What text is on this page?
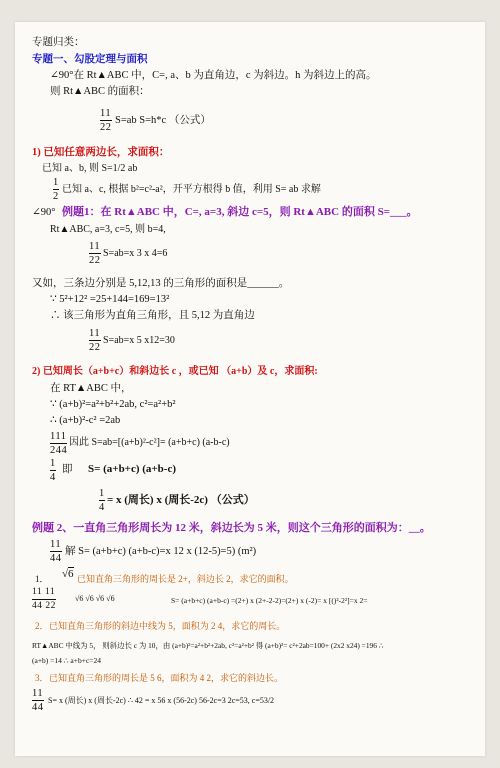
专题归类：
专题一、勾股定理与面积
∠90°在 Rt▲ABC 中，C=, a、b 为直角边，c 为斜边。h 为斜边上的高。
则 Rt▲ABC 的面积：
11
22
S=ab S=h*c （公式）
1) 已知任意两边长，求面积：
已知 a、b, 则 S=1/2 ab
1
2
已知 a、c, 根据 b²=c²-a²，开平方根得 b 值，利用 S= ab 求解
∠90° 例题1：在 Rt▲ABC 中，C=, a=3, 斜边 c=5，则 Rt▲ABC 的面积 S=___。
Rt▲ABC, a=3, c=5, 则 b=4,
11
22
S=ab=x 3 x 4=6
又如，三条边分别是 5,12,13 的三角形的面积是______。
∵ 5²+12² =25+144=169=13²
∴ 该三角形为直角三角形，且 5,12 为直角边
11
22
S=ab=x 5 x12=30
2) 已知周长（a+b+c）和斜边长 c ，或已知 （a+b）及 c，求面积:
在 RT▲ABC 中，
∵ (a+b)²=a²+b²+2ab, c²=a²+b²
∴ (a+b)²-c² =2ab
111
244
因此 S=ab=[(a+b)²-c²]= (a+b+c) (a-b-c)
1
4
即 S= (a+b+c) (a+b-c)
1
4
= x (周长) x (周长-2c) （公式）
例题 2、一直角三角形周长为 12 米，斜边长为 5 米，则这个三角形的面积为：__。
11
44
解 S= (a+b+c) (a+b-c)=x 12 x (12-5)=5) (m²)
1． √6 已知直角三角形的周长是 2+，斜边长 2，求它的面积。
11 11
44 22
√6 √6 √6 √6	S= (a+b+c) (a+b-c) =(2+) x (2+-2-2)=(2+) x (-2)= x [()²-2²]=x 2=
2． 已知直角三角形的斜边中线为 5，面积为 2 4，求它的周长。
RT▲ABC 中线为 5， 则斜边长 c 为 10，由 (a+b)²=a²+b²+2ab, c²=a²+b² 得 (a+b)²= c²+2ab=100+ (2x2 x24) =196 ∴
(a+b) =14 ∴ a+b+c=24
3． 已知直角三角形的周长是 5 6，面积为 4 2，求它的斜边长。
11
44
S= x (周长) x (周长-2c) ∴ 42 = x 56 x (56-2c) 56-2c=3 2c=53, c=53/2
